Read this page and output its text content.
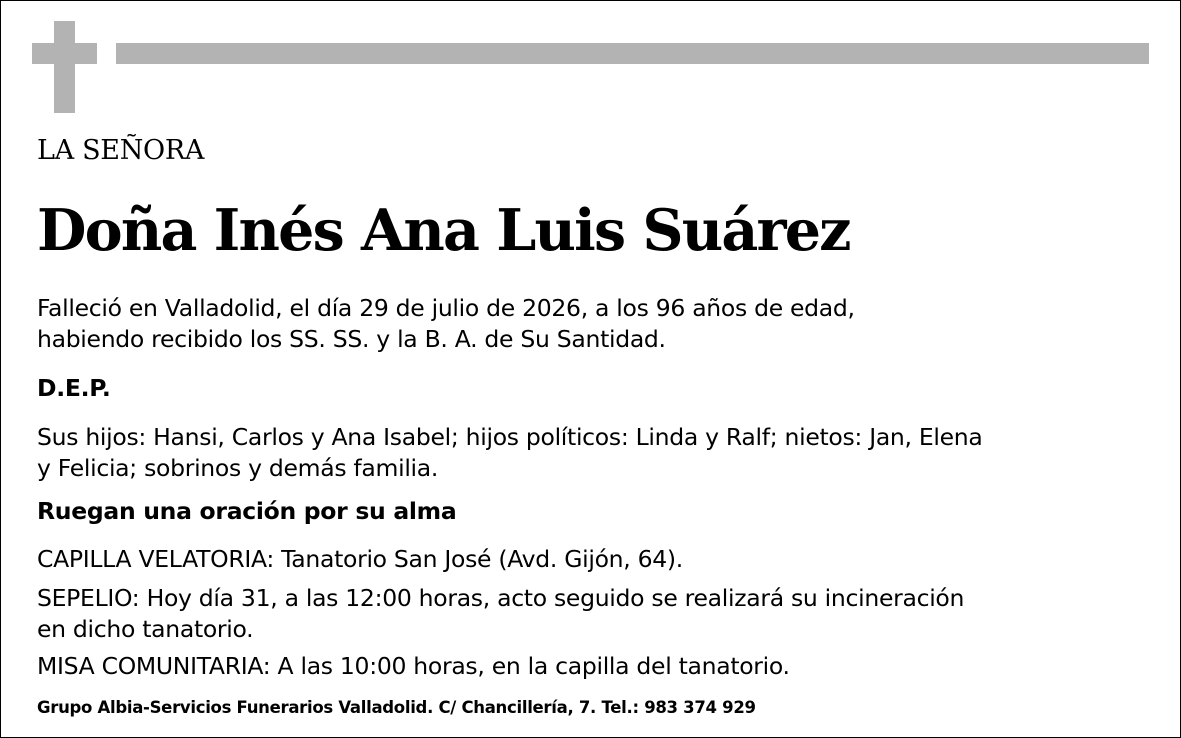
LA SEÑORA

Doña Inés Ana Luis Suárez

Falleció en Valladolid, el día 29 de julio de 2026, a los 96 años de edad,

habiendo recibido los SS. SS. y la B. A. de Su Santidad.

D.E.P.

Sus hijos: Hansi, Carlos y Ana Isabel; hijos políticos: Linda y Ralf; nietos: Jan, Elena

y Felicia; sobrinos y demás familia.

Ruegan una oración por su alma

CAPILLA VELATORIA: Tanatorio San José (Avd. Gijón, 64).

SEPELIO: Hoy día 31, a las 12:00 horas, acto seguido se realizará su incineración

en dicho tanatorio.

MISA COMUNITARIA: A las 10:00 horas, en la capilla del tanatorio.

Grupo Albia-Servicios Funerarios Valladolid. C/ Chancillería, 7. Tel.: 983 374 929
